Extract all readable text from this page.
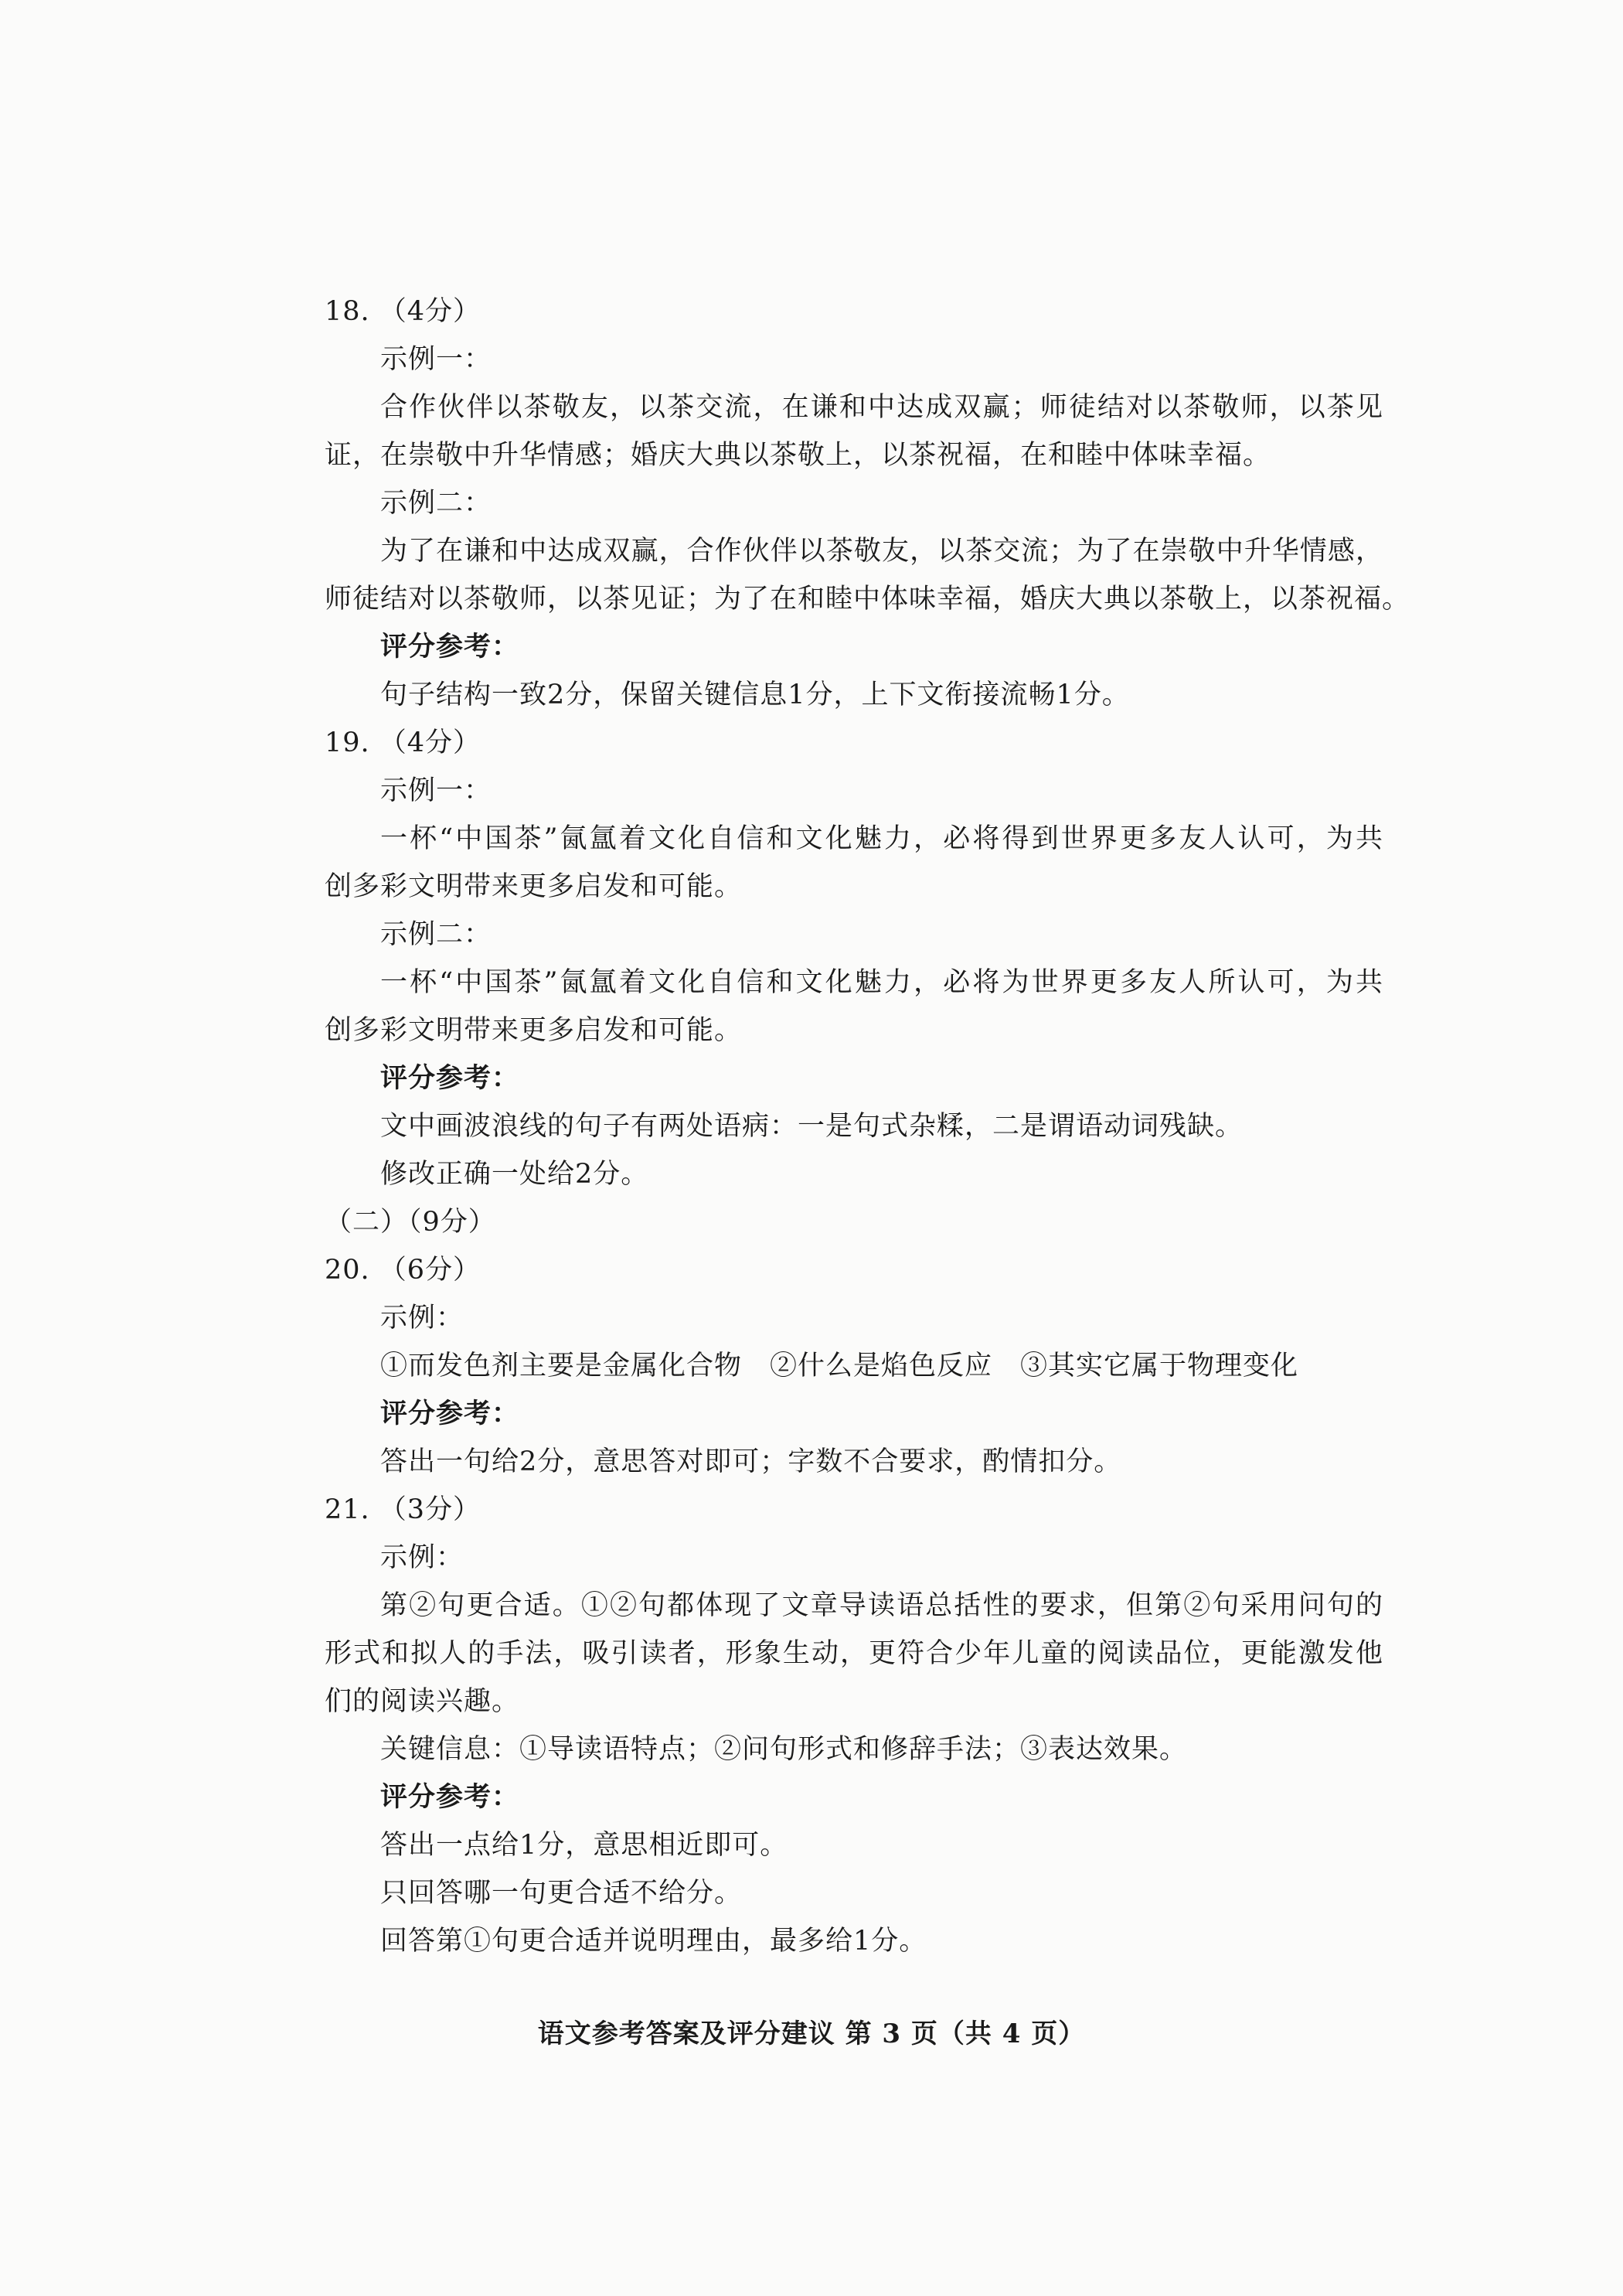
18. （4分）
示例一：
合作伙伴以茶敬友，以茶交流，在谦和中达成双赢；师徒结对以茶敬师，以茶见
证，在崇敬中升华情感；婚庆大典以茶敬上，以茶祝福，在和睦中体味幸福。
示例二：
为了在谦和中达成双赢，合作伙伴以茶敬友，以茶交流；为了在崇敬中升华情感，
师徒结对以茶敬师，以茶见证；为了在和睦中体味幸福，婚庆大典以茶敬上，以茶祝福。
评分参考：
句子结构一致2分，保留关键信息1分，上下文衔接流畅1分。
19. （4分）
示例一：
一杯“中国茶”氤氲着文化自信和文化魅力，必将得到世界更多友人认可，为共
创多彩文明带来更多启发和可能。
示例二：
一杯“中国茶”氤氲着文化自信和文化魅力，必将为世界更多友人所认可，为共
创多彩文明带来更多启发和可能。
评分参考：
文中画波浪线的句子有两处语病：一是句式杂糅，二是谓语动词残缺。
修改正确一处给2分。
（二）（9分）
20. （6分）
示例：
①而发色剂主要是金属化合物　②什么是焰色反应　③其实它属于物理变化
评分参考：
答出一句给2分，意思答对即可；字数不合要求，酌情扣分。
21. （3分）
示例：
第②句更合适。①②句都体现了文章导读语总括性的要求，但第②句采用问句的
形式和拟人的手法，吸引读者，形象生动，更符合少年儿童的阅读品位，更能激发他
们的阅读兴趣。
关键信息：①导读语特点；②问句形式和修辞手法；③表达效果。
评分参考：
答出一点给1分，意思相近即可。
只回答哪一句更合适不给分。
回答第①句更合适并说明理由，最多给1分。
语文参考答案及评分建议 第 3 页（共 4 页）
